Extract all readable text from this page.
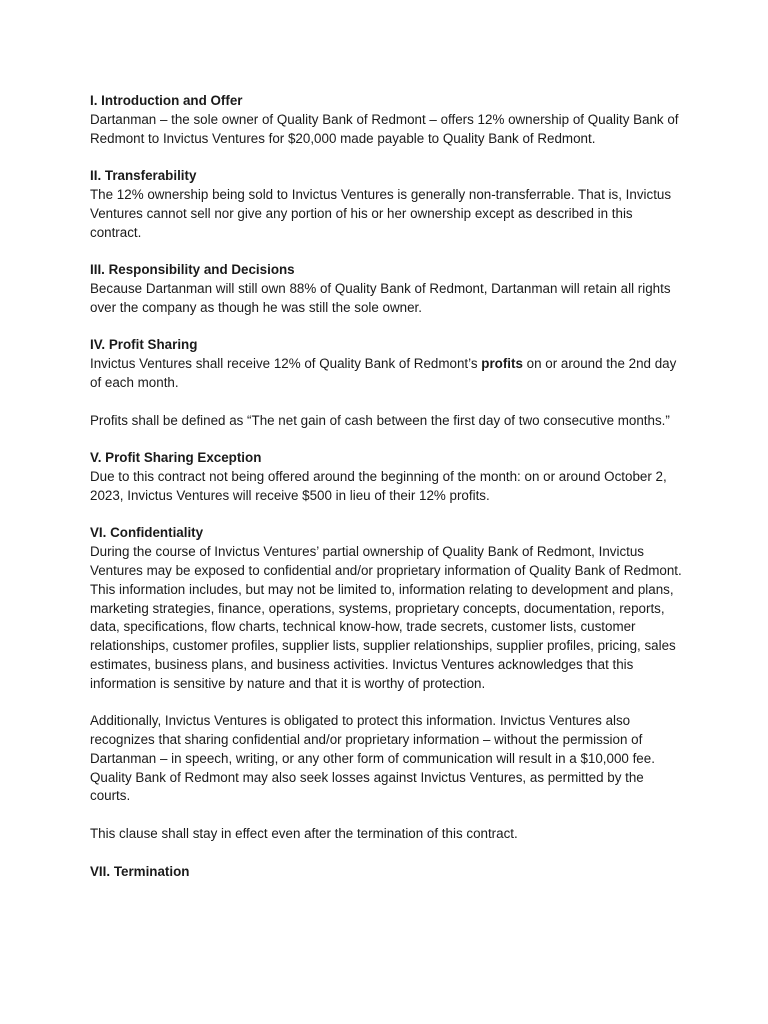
I. Introduction and Offer

Dartanman – the sole owner of Quality Bank of Redmont – offers 12% ownership of Quality Bank of Redmont to Invictus Ventures for $20,000 made payable to Quality Bank of Redmont.

II. Transferability

The 12% ownership being sold to Invictus Ventures is generally non-transferrable. That is, Invictus Ventures cannot sell nor give any portion of his or her ownership except as described in this contract.

III. Responsibility and Decisions

Because Dartanman will still own 88% of Quality Bank of Redmont, Dartanman will retain all rights over the company as though he was still the sole owner.

IV. Profit Sharing

Invictus Ventures shall receive 12% of Quality Bank of Redmont’s profits on or around the 2nd day of each month.

Profits shall be defined as “The net gain of cash between the first day of two consecutive months.”

V. Profit Sharing Exception

Due to this contract not being offered around the beginning of the month: on or around October 2, 2023, Invictus Ventures will receive $500 in lieu of their 12% profits.

VI. Confidentiality

During the course of Invictus Ventures’ partial ownership of Quality Bank of Redmont, Invictus Ventures may be exposed to confidential and/or proprietary information of Quality Bank of Redmont. This information includes, but may not be limited to, information relating to development and plans, marketing strategies, finance, operations, systems, proprietary concepts, documentation, reports, data, specifications, flow charts, technical know-how, trade secrets, customer lists, customer relationships, customer profiles, supplier lists, supplier relationships, supplier profiles, pricing, sales estimates, business plans, and business activities. Invictus Ventures acknowledges that this information is sensitive by nature and that it is worthy of protection.

Additionally, Invictus Ventures is obligated to protect this information. Invictus Ventures also recognizes that sharing confidential and/or proprietary information – without the permission of Dartanman – in speech, writing, or any other form of communication will result in a $10,000 fee. Quality Bank of Redmont may also seek losses against Invictus Ventures, as permitted by the courts.

This clause shall stay in effect even after the termination of this contract.

VII. Termination
